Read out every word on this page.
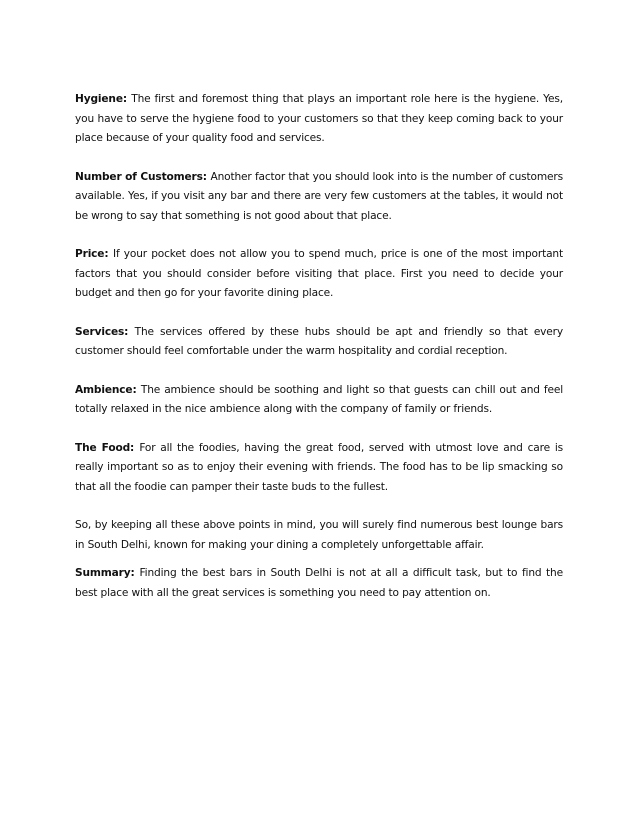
Hygiene: The first and foremost thing that plays an important role here is the hygiene. Yes, you have to serve the hygiene food to your customers so that they keep coming back to your place because of your quality food and services.

Number of Customers: Another factor that you should look into is the number of customers available. Yes, if you visit any bar and there are very few customers at the tables, it would not be wrong to say that something is not good about that place.

Price: If your pocket does not allow you to spend much, price is one of the most important factors that you should consider before visiting that place. First you need to decide your budget and then go for your favorite dining place.

Services: The services offered by these hubs should be apt and friendly so that every customer should feel comfortable under the warm hospitality and cordial reception.

Ambience:The ambience should be soothing and light so that guests can chill out and feel totally relaxed in the nice ambience along with the company of family or friends.

The Food: For all the foodies, having the great food, served with utmost love and care is really important so as to enjoy their evening with friends. The food has to be lip smacking so that all the foodie can pamper their taste buds to the fullest.

So, by keeping all these above points in mind, you will surely find numerous best lounge bars in South Delhi, known for making your dining a completely unforgettable affair.

Summary: Finding the best bars in South Delhi is not at all a difficult task, but to find the best place with all the great services is something you need to pay attention on.
